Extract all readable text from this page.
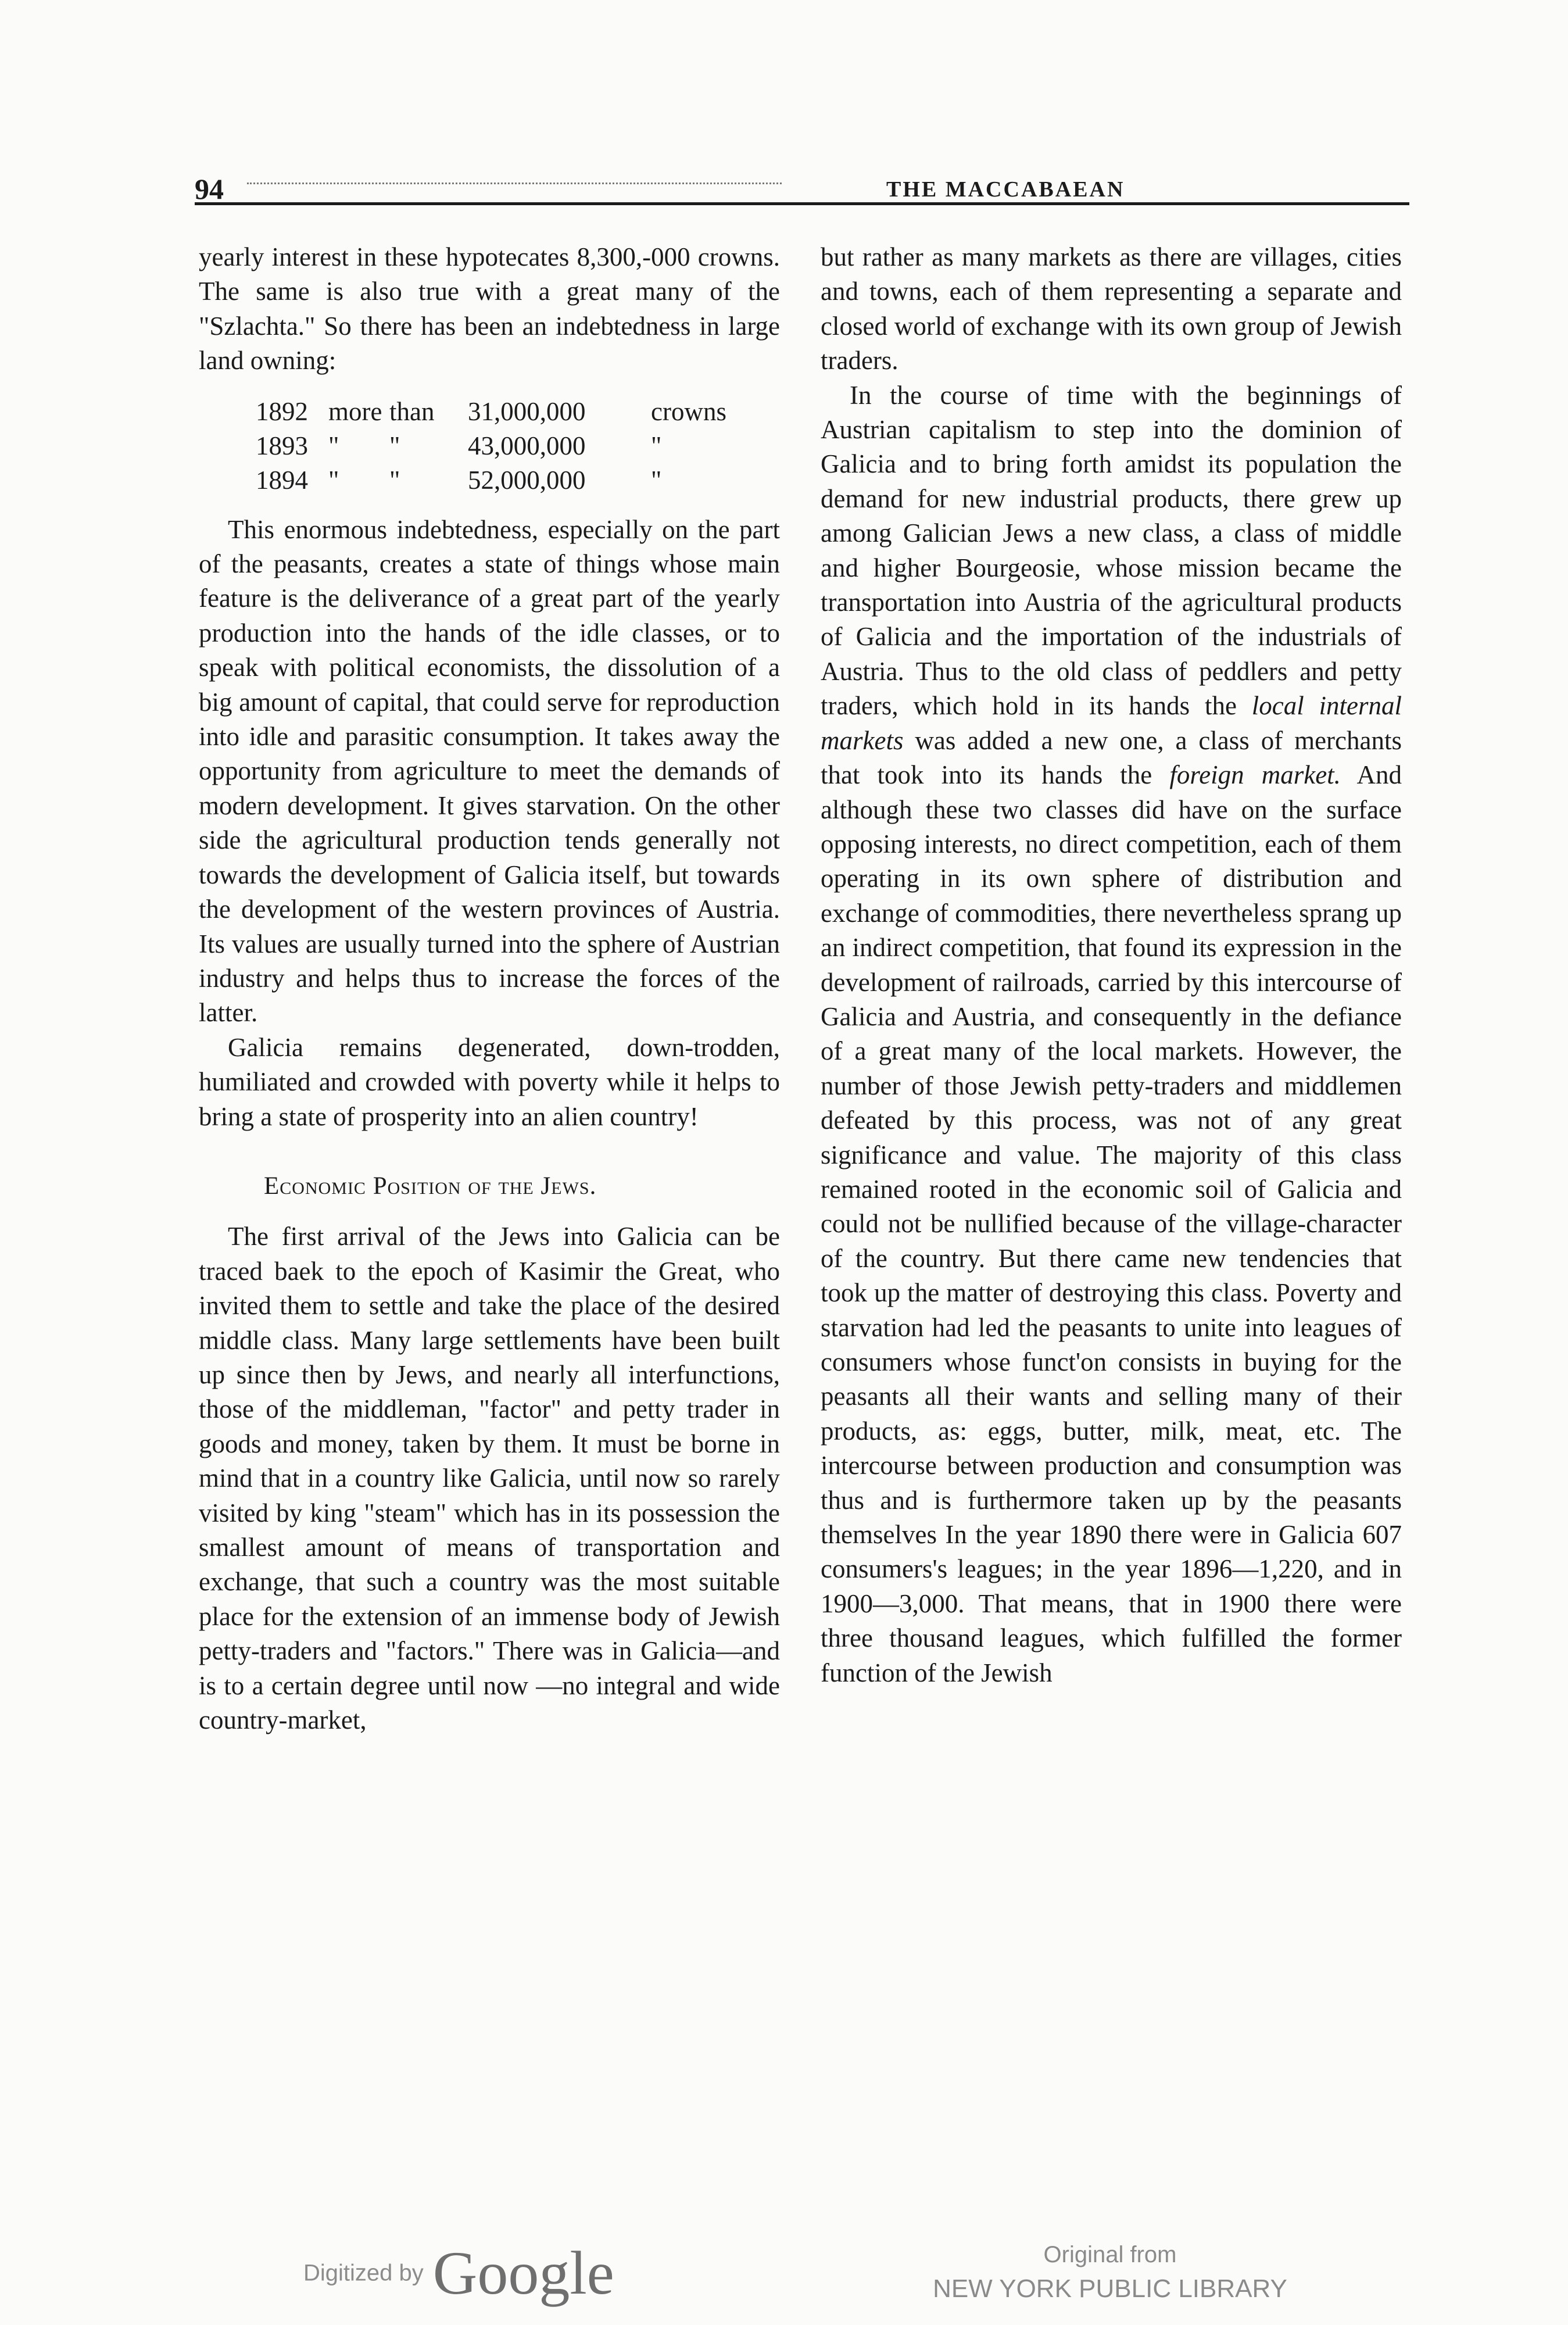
94	THE MACCABAEAN

yearly interest in these hypotecates 8,300,-000 crowns. The same is also true with a great many of the "Szlachta." So there has been an indebtedness in large land owning:

1892 more than 31,000,000	crowns
1893 " "	43,000,000	"
1894 " "	52,000,000	"

This enormous indebtedness, especially on the part of the peasants, creates a state of things whose main feature is the deliverance of a great part of the yearly production into the hands of the idle classes, or to speak with political economists, the dissolution of a big amount of capital, that could serve for reproduction into idle and parasitic consumption. It takes away the opportunity from agriculture to meet the demands of modern development. It gives starvation. On the other side the agricultural production tends generally not towards the development of Galicia itself, but towards the development of the western provinces of Austria. Its values are usually turned into the sphere of Austrian industry and helps thus to increase the forces of the latter.

Galicia remains degenerated, down-trodden, humiliated and crowded with poverty while it helps to bring a state of prosperity into an alien country!

Economic Position of the Jews.

The first arrival of the Jews into Galicia can be traced baek to the epoch of Kasimir the Great, who invited them to settle and take the place of the desired middle class. Many large settlements have been built up since then by Jews, and nearly all interfunctions, those of the middleman, "factor" and petty trader in goods and money, taken by them. It must be borne in mind that in a country like Galicia, until now so rarely visited by king "steam" which has in its possession the smallest amount of means of transportation and exchange, that such a country was the most suitable place for the extension of an immense body of Jewish petty-traders and "factors." There was in Galicia—and is to a certain degree until now —no integral and wide country-market,

but rather as many markets as there are villages, cities and towns, each of them representing a separate and closed world of exchange with its own group of Jewish traders.

In the course of time with the beginnings of Austrian capitalism to step into the dominion of Galicia and to bring forth amidst its population the demand for new industrial products, there grew up among Galician Jews a new class, a class of middle and higher Bourgeosie, whose mission became the transportation into Austria of the agricultural products of Galicia and the importation of the industrials of Austria. Thus to the old class of peddlers and petty traders, which hold in its hands the local internal markets was added a new one, a class of merchants that took into its hands the foreign market. And although these two classes did have on the surface opposing interests, no direct competition, each of them operating in its own sphere of distribution and exchange of commodities, there nevertheless sprang up an indirect competition, that found its expression in the development of railroads, carried by this intercourse of Galicia and Austria, and consequently in the defiance of a great many of the local markets. However, the number of those Jewish petty-traders and middlemen defeated by this process, was not of any great significance and value. The majority of this class remained rooted in the economic soil of Galicia and could not be nullified because of the village-character of the country. But there came new tendencies that took up the matter of destroying this class. Poverty and starvation had led the peasants to unite into leagues of consumers whose funct'on consists in buying for the peasants all their wants and selling many of their products, as: eggs, butter, milk, meat, etc. The intercourse between production and consumption was thus and is furthermore taken up by the peasants themselves In the year 1890 there were in Galicia 607 consumers's leagues; in the year 1896—1,220, and in 1900—3,000. That means, that in 1900 there were three thousand leagues, which fulfilled the former function of the Jewish

Digitized by Google	Original from
NEW YORK PUBLIC LIBRARY
